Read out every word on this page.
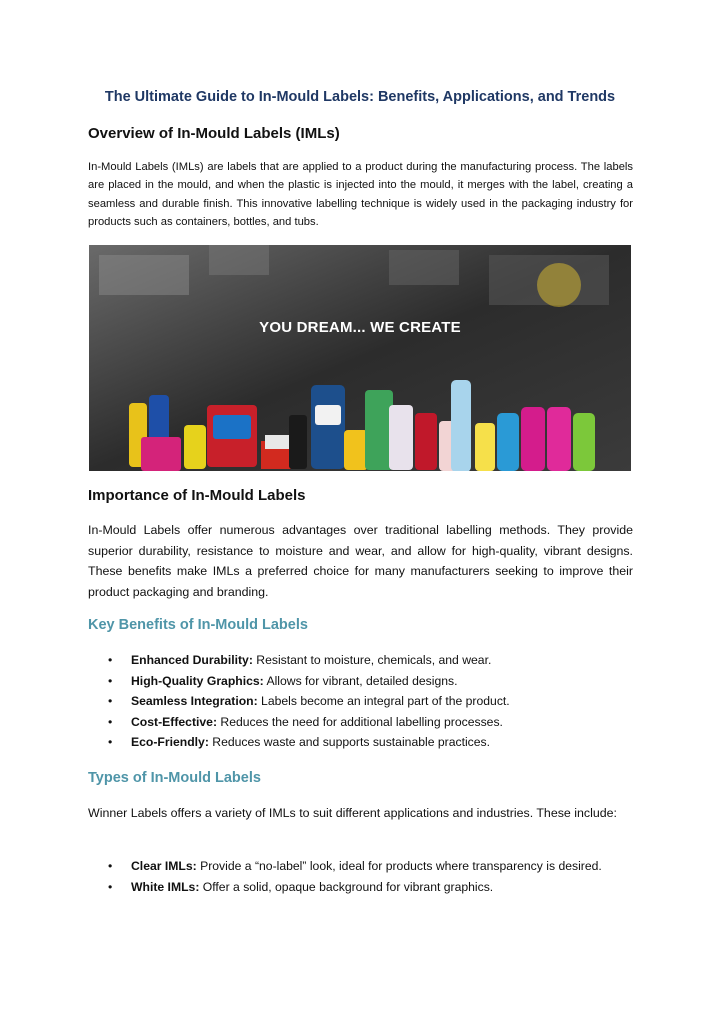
The Ultimate Guide to In-Mould Labels: Benefits, Applications, and Trends
Overview of In-Mould Labels (IMLs)

In-Mould Labels (IMLs) are labels that are applied to a product during the manufacturing process. The labels are placed in the mould, and when the plastic is injected into the mould, it merges with the label, creating a seamless and durable finish. This innovative labelling technique is widely used in the packaging industry for products such as containers, bottles, and tubs.

YOU DREAM... WE CREATE
Importance of In-Mould Labels

In-Mould Labels offer numerous advantages over traditional labelling methods. They provide superior durability, resistance to moisture and wear, and allow for high-quality, vibrant designs. These benefits make IMLs a preferred choice for many manufacturers seeking to improve their product packaging and branding.

Key Benefits of In-Mould Labels
• Enhanced Durability: Resistant to moisture, chemicals, and wear.
• High-Quality Graphics: Allows for vibrant, detailed designs.
• Seamless Integration: Labels become an integral part of the product.
• Cost-Effective: Reduces the need for additional labelling processes.
• Eco-Friendly: Reduces waste and supports sustainable practices.
Types of In-Mould Labels

Winner Labels offers a variety of IMLs to suit different applications and industries. These include:

• Clear IMLs: Provide a “no-label” look, ideal for products where transparency is desired.
• White IMLs: Offer a solid, opaque background for vibrant graphics.
